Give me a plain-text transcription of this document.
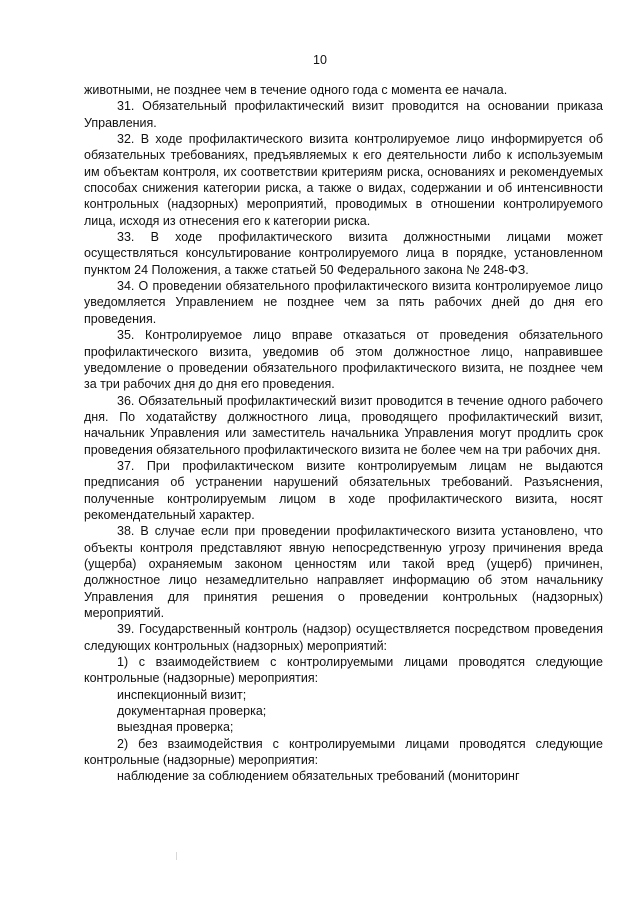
10

животными, не позднее чем в течение одного года с момента ее начала.

31. Обязательный профилактический визит проводится на основании приказа Управления.

32. В ходе профилактического визита контролируемое лицо информируется об обязательных требованиях, предъявляемых к его деятельности либо к используемым им объектам контроля, их соответствии критериям риска, основаниях и рекомендуемых способах снижения категории риска, а также о видах, содержании и об интенсивности контрольных (надзорных) мероприятий, проводимых в отношении контролируемого лица, исходя из отнесения его к категории риска.

33. В ходе профилактического визита должностными лицами может осуществляться консультирование контролируемого лица в порядке, установленном пунктом 24 Положения, а также статьей 50 Федерального закона № 248-ФЗ.

34. О проведении обязательного профилактического визита контролируемое лицо уведомляется Управлением не позднее чем за пять рабочих дней до дня его проведения.

35. Контролируемое лицо вправе отказаться от проведения обязательного профилактического визита, уведомив об этом должностное лицо, направившее уведомление о проведении обязательного профилактического визита, не позднее чем за три рабочих дня до дня его проведения.

36. Обязательный профилактический визит проводится в течение одного рабочего дня. По ходатайству должностного лица, проводящего профилактический визит, начальник Управления или заместитель начальника Управления могут продлить срок проведения обязательного профилактического визита не более чем на три рабочих дня.

37. При профилактическом визите контролируемым лицам не выдаются предписания об устранении нарушений обязательных требований. Разъяснения, полученные контролируемым лицом в ходе профилактического визита, носят рекомендательный характер.

38. В случае если при проведении профилактического визита установлено, что объекты контроля представляют явную непосредственную угрозу причинения вреда (ущерба) охраняемым законом ценностям или такой вред (ущерб) причинен, должностное лицо незамедлительно направляет информацию об этом начальнику Управления для принятия решения о проведении контрольных (надзорных) мероприятий.

39. Государственный контроль (надзор) осуществляется посредством проведения следующих контрольных (надзорных) мероприятий:

1) с взаимодействием с контролируемыми лицами проводятся следующие контрольные (надзорные) мероприятия:

инспекционный визит;

документарная проверка;

выездная проверка;

2) без взаимодействия с контролируемыми лицами проводятся следующие контрольные (надзорные) мероприятия:

наблюдение за соблюдением обязательных требований (мониторинг
